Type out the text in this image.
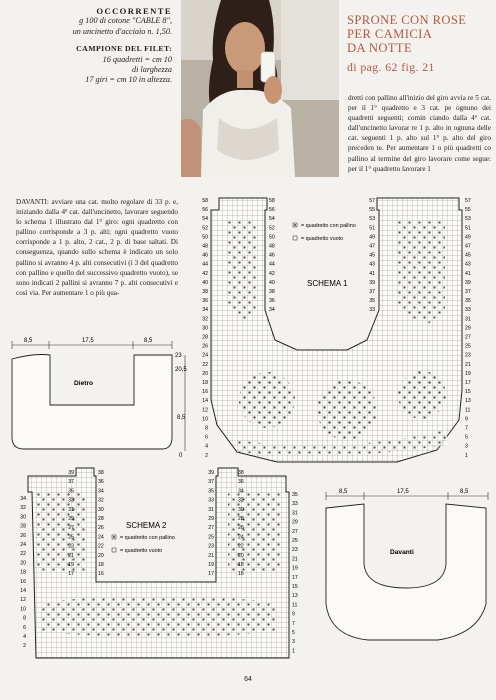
OCCORRENTE
g 100 di cotone "CABLE 8",
un uncinetto d'acciaio n. 1,50.
CAMPIONE DEL FILET:
16 quadretti = cm 10
di larghezza
17 giri = cm 10 in altezza.
SPRONE CON ROSE
PER CAMICIA
DA NOTTE
di pag. 62 fig. 21
dretti con pallino all'inizio del giro avvia re 5 cat. per il 1° quadretto e 3 cat. pe ognuno dei quadretti seguenti; comin ciando dalla 4ª cat. dall'uncinetto lavorar re 1 p. alto in ognuna delle cat. seguenti 1 p. alto sul 1° p. alto del giro preceden te. Per aumentare 1 o più quadretti co pallino al termine del giro lavorare come segue: per il 1° quadretto lavorare 1
DAVANTI: avviare una cat. molto regolare di 33 p. e, iniziando dalla 4ª cat. dall'uncinetto, lavorare seguendo lo schema 1 illustrato dal 1° giro: ogni quadretto con pallino corrisponde a 3 p. alti; ogni quadretto vuoto corrisponde a 1 p. alto, 2 cat., 2 p. di base saltati. Di conseguenza, quando sullo schema è indicato un solo pallino si avranno 4 p. alti consecutivi (i 3 del quadretto con pallino e quello del successivo quadretto vuoto), se sono indicati 2 pallini si avranno 7 p. alti consecutivi e così via. Per aumentare 1 o più qua-
8,5	17,5	8,5
Dietro
23
20,5
8,5
0
SCHEMA 1
= quadretto con pallino
= quadretto vuoto
58
56
54
52
50
48
46
44
42
40
38
36
34
32
30
28
26
24
22
20
18
16
14
12
10
8
6
4
2
57
55
53
51
49
47
45
43
41
39
37
35
33
31
29
27
25
23
21
19
17
15
13
11
9
7
5
3
1
58
56
54
52
50
48
46
44
42
40
38
36
34
57
55
53
51
49
47
45
43
41
39
37
35
33
SCHEMA 2
= quadretto con pallino
= quadretto vuoto
34
32
30
28
26
24
22
20
18
16
14
12
10
8
6
4
2
35
33
31
29
27
25
23
21
19
17
15
13
11
9
7
5
3
1
38
36
34
32
30
28
26
24
22
20
18
16
39
37
35
33
31
29
27
25
23
21
19
17
38
36
34
32
30
28
26
24
22
20
18
16
39
37
35
33
31
29
27
25
23
21
19
17
8,5	17,5	8,5
Davanti
64
